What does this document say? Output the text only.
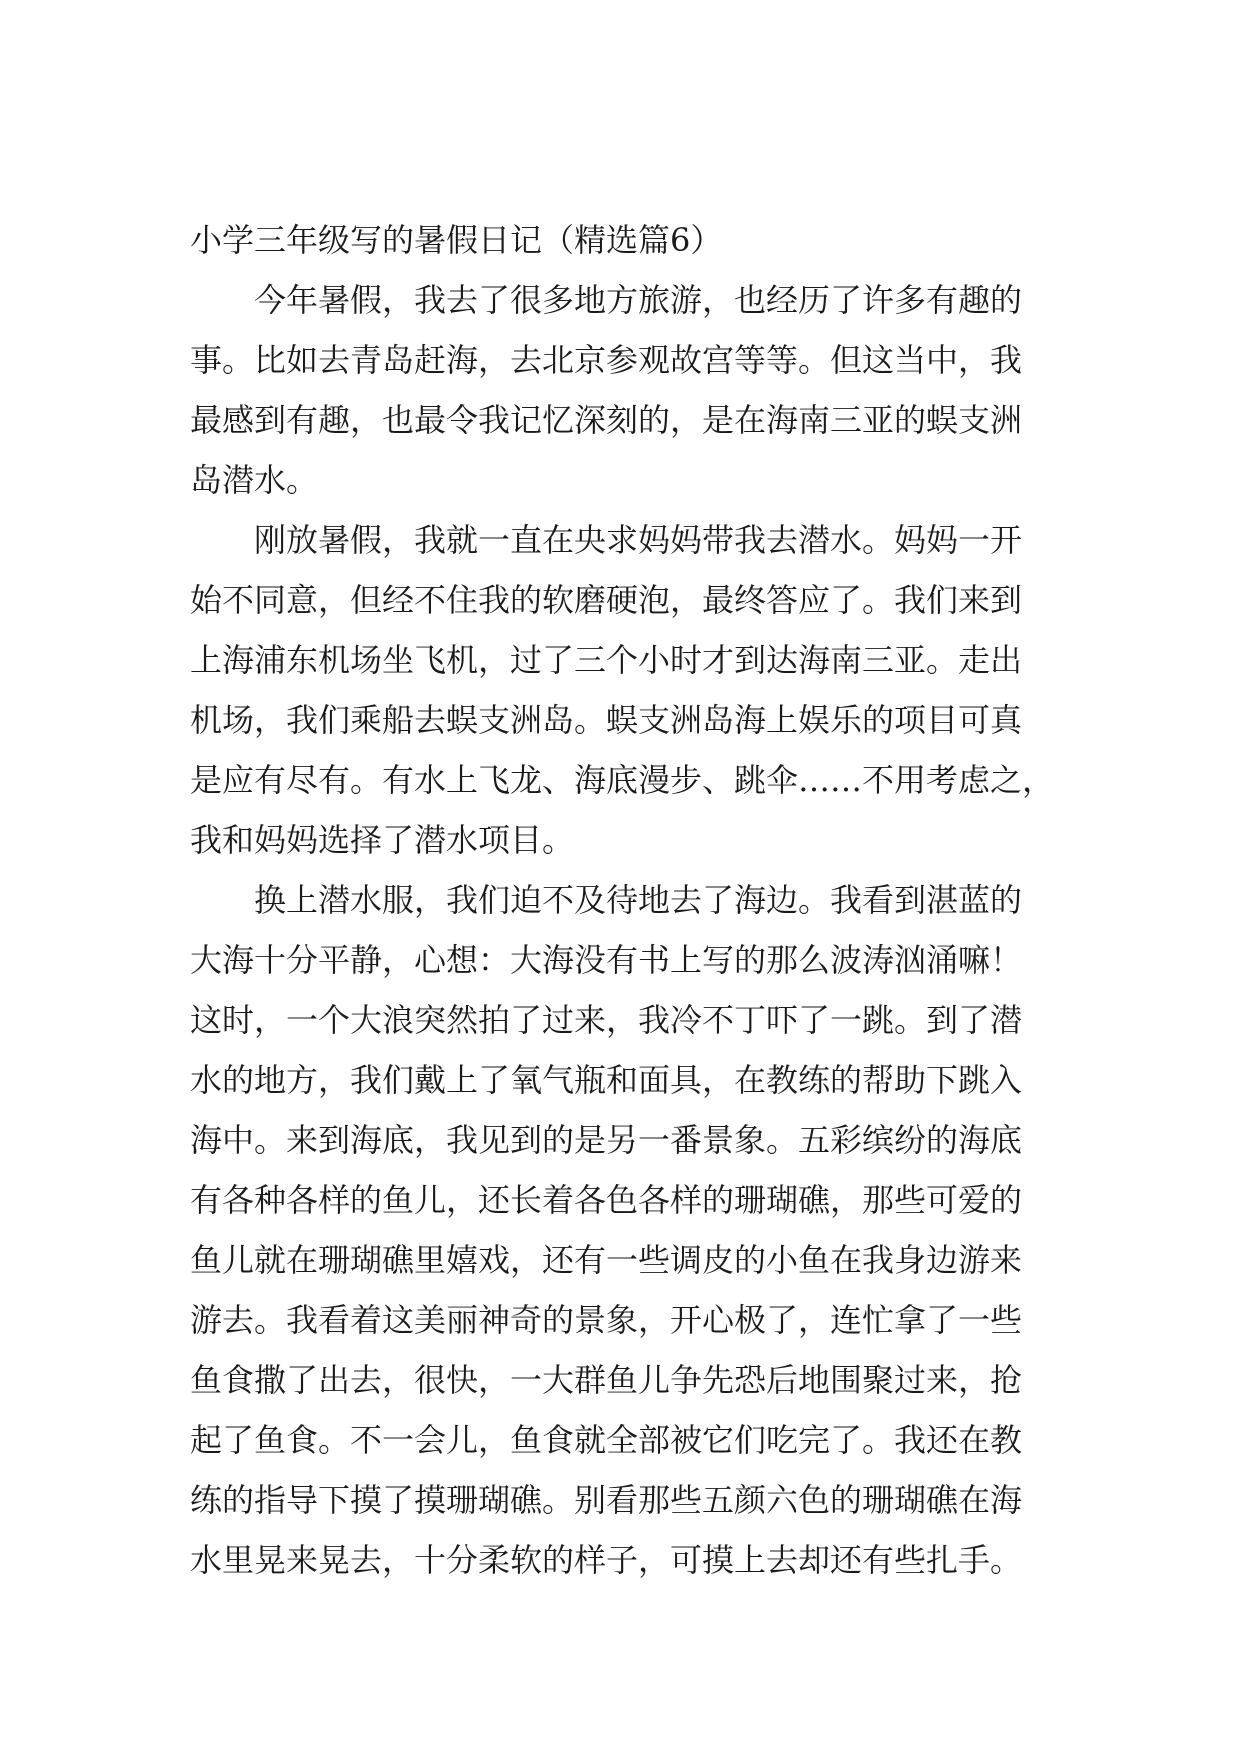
小学三年级写的暑假日记（精选篇6）
今年暑假，我去了很多地方旅游，也经历了许多有趣的
事。比如去青岛赶海，去北京参观故宫等等。但这当中，我
最感到有趣，也最令我记忆深刻的，是在海南三亚的蜈支洲
岛潜水。
刚放暑假，我就一直在央求妈妈带我去潜水。妈妈一开
始不同意，但经不住我的软磨硬泡，最终答应了。我们来到
上海浦东机场坐飞机，过了三个小时才到达海南三亚。走出
机场，我们乘船去蜈支洲岛。蜈支洲岛海上娱乐的项目可真
是应有尽有。有水上飞龙、海底漫步、跳伞……不用考虑之，
我和妈妈选择了潜水项目。
换上潜水服，我们迫不及待地去了海边。我看到湛蓝的
大海十分平静，心想：大海没有书上写的那么波涛汹涌嘛！
这时，一个大浪突然拍了过来，我冷不丁吓了一跳。到了潜
水的地方，我们戴上了氧气瓶和面具，在教练的帮助下跳入
海中。来到海底，我见到的是另一番景象。五彩缤纷的海底
有各种各样的鱼儿，还长着各色各样的珊瑚礁，那些可爱的
鱼儿就在珊瑚礁里嬉戏，还有一些调皮的小鱼在我身边游来
游去。我看着这美丽神奇的景象，开心极了，连忙拿了一些
鱼食撒了出去，很快，一大群鱼儿争先恐后地围聚过来，抢
起了鱼食。不一会儿，鱼食就全部被它们吃完了。我还在教
练的指导下摸了摸珊瑚礁。别看那些五颜六色的珊瑚礁在海
水里晃来晃去，十分柔软的样子，可摸上去却还有些扎手。
